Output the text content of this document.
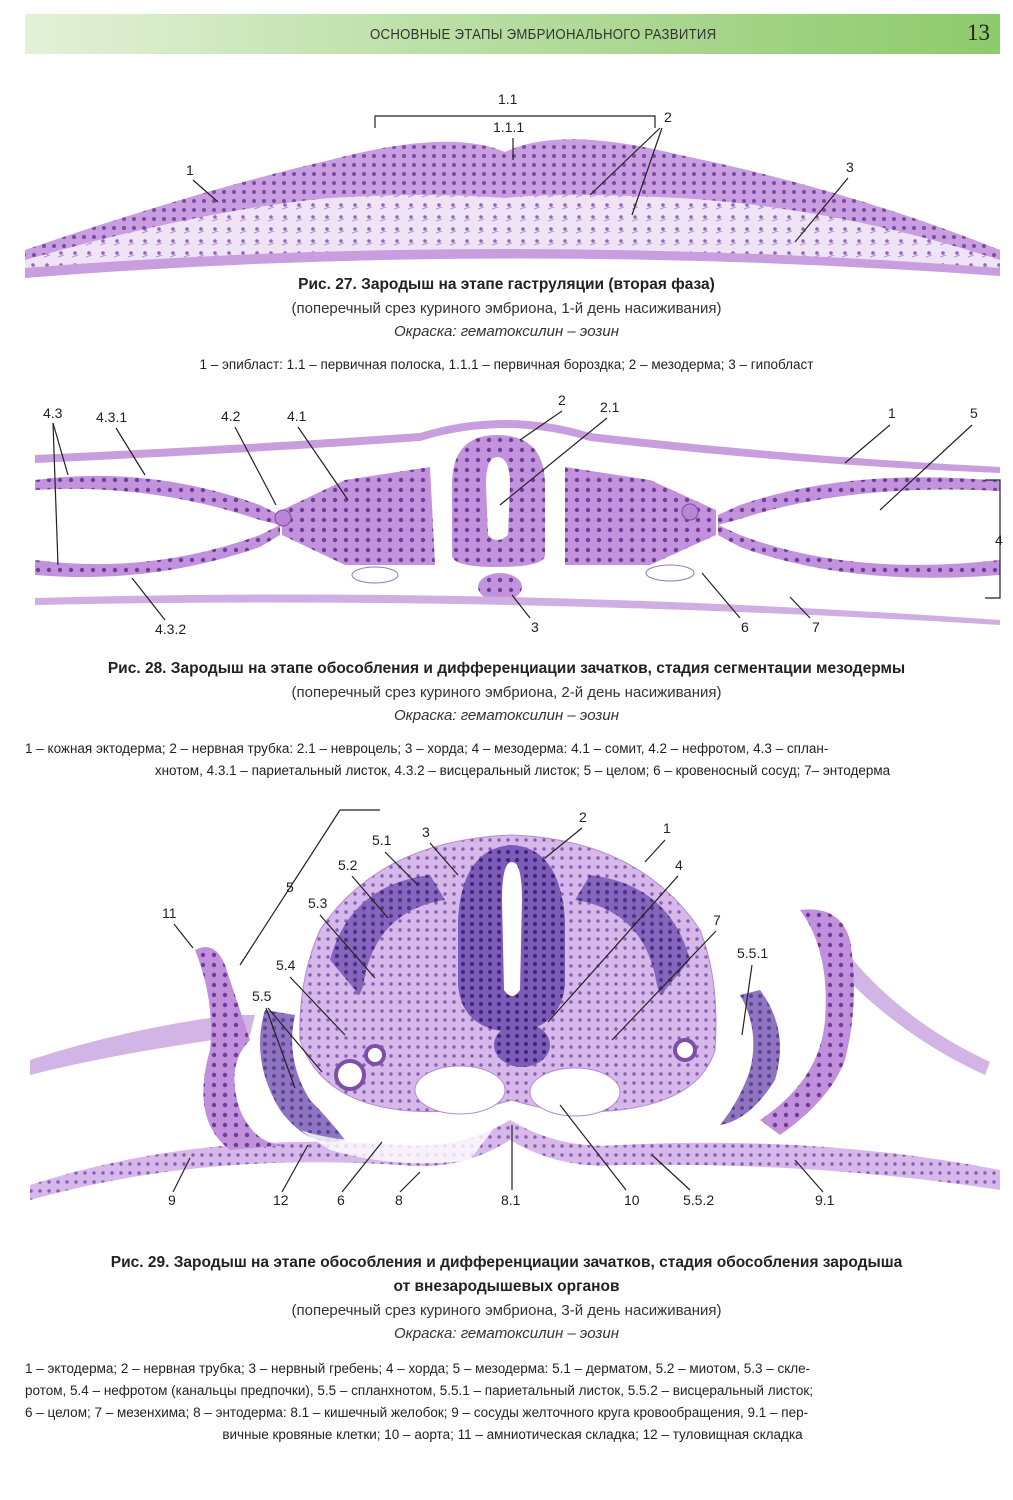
ОСНОВНЫЕ ЭТАПЫ ЭМБРИОНАЛЬНОГО РАЗВИТИЯ	13
1.1
1.1.1
1
2
3
Рис. 27. Зародыш на этапе гаструляции (вторая фаза)
(поперечный срез куриного эмбриона, 1-й день насиживания)
Окраска: гематоксилин – эозин
1 – эпибласт: 1.1 – первичная полоска, 1.1.1 – первичная бороздка; 2 – мезодерма; 3 – гипобласт
4.3 4.3.1	4.2	4.1
2 2.1	1	5
4
4.3.2	3	6	7
Рис. 28. Зародыш на этапе обособления и дифференциации зачатков, стадия сегментации мезодермы
(поперечный срез куриного эмбриона, 2-й день насиживания)
Окраска: гематоксилин – эозин
1 – кожная эктодерма; 2 – нервная трубка: 2.1 – невроцель; 3 – хорда; 4 – мезодерма: 4.1 – сомит, 4.2 – нефротом, 4.3 – сплан-
хнотом, 4.3.1 – париетальный листок, 4.3.2 – висцеральный листок; 5 – целом; 6 – кровеносный сосуд; 7– энтодерма
2
3	1
5.1
5.2
5
5.3
4
7
11
5.4
5.5
5.5.1
9	12	6	8	8.1	10	5.5.2	9.1
Рис. 29. Зародыш на этапе обособления и дифференциации зачатков, стадия обособления зародыша
от внезародышевых органов
(поперечный срез куриного эмбриона, 3-й день насиживания)
Окраска: гематоксилин – эозин
1 – эктодерма; 2 – нервная трубка; 3 – нервный гребень; 4 – хорда; 5 – мезодерма: 5.1 – дерматом, 5.2 – миотом, 5.3 – скле-
ротом, 5.4 – нефротом (канальцы предпочки), 5.5 – спланхнотом, 5.5.1 – париетальный листок, 5.5.2 – висцеральный листок;
6 – целом; 7 – мезенхима; 8 – энтодерма: 8.1 – кишечный желобок; 9 – сосуды желточного круга кровообращения, 9.1 – пер-
вичные кровяные клетки; 10 – аорта; 11 – амниотическая складка; 12 – туловищная складка
